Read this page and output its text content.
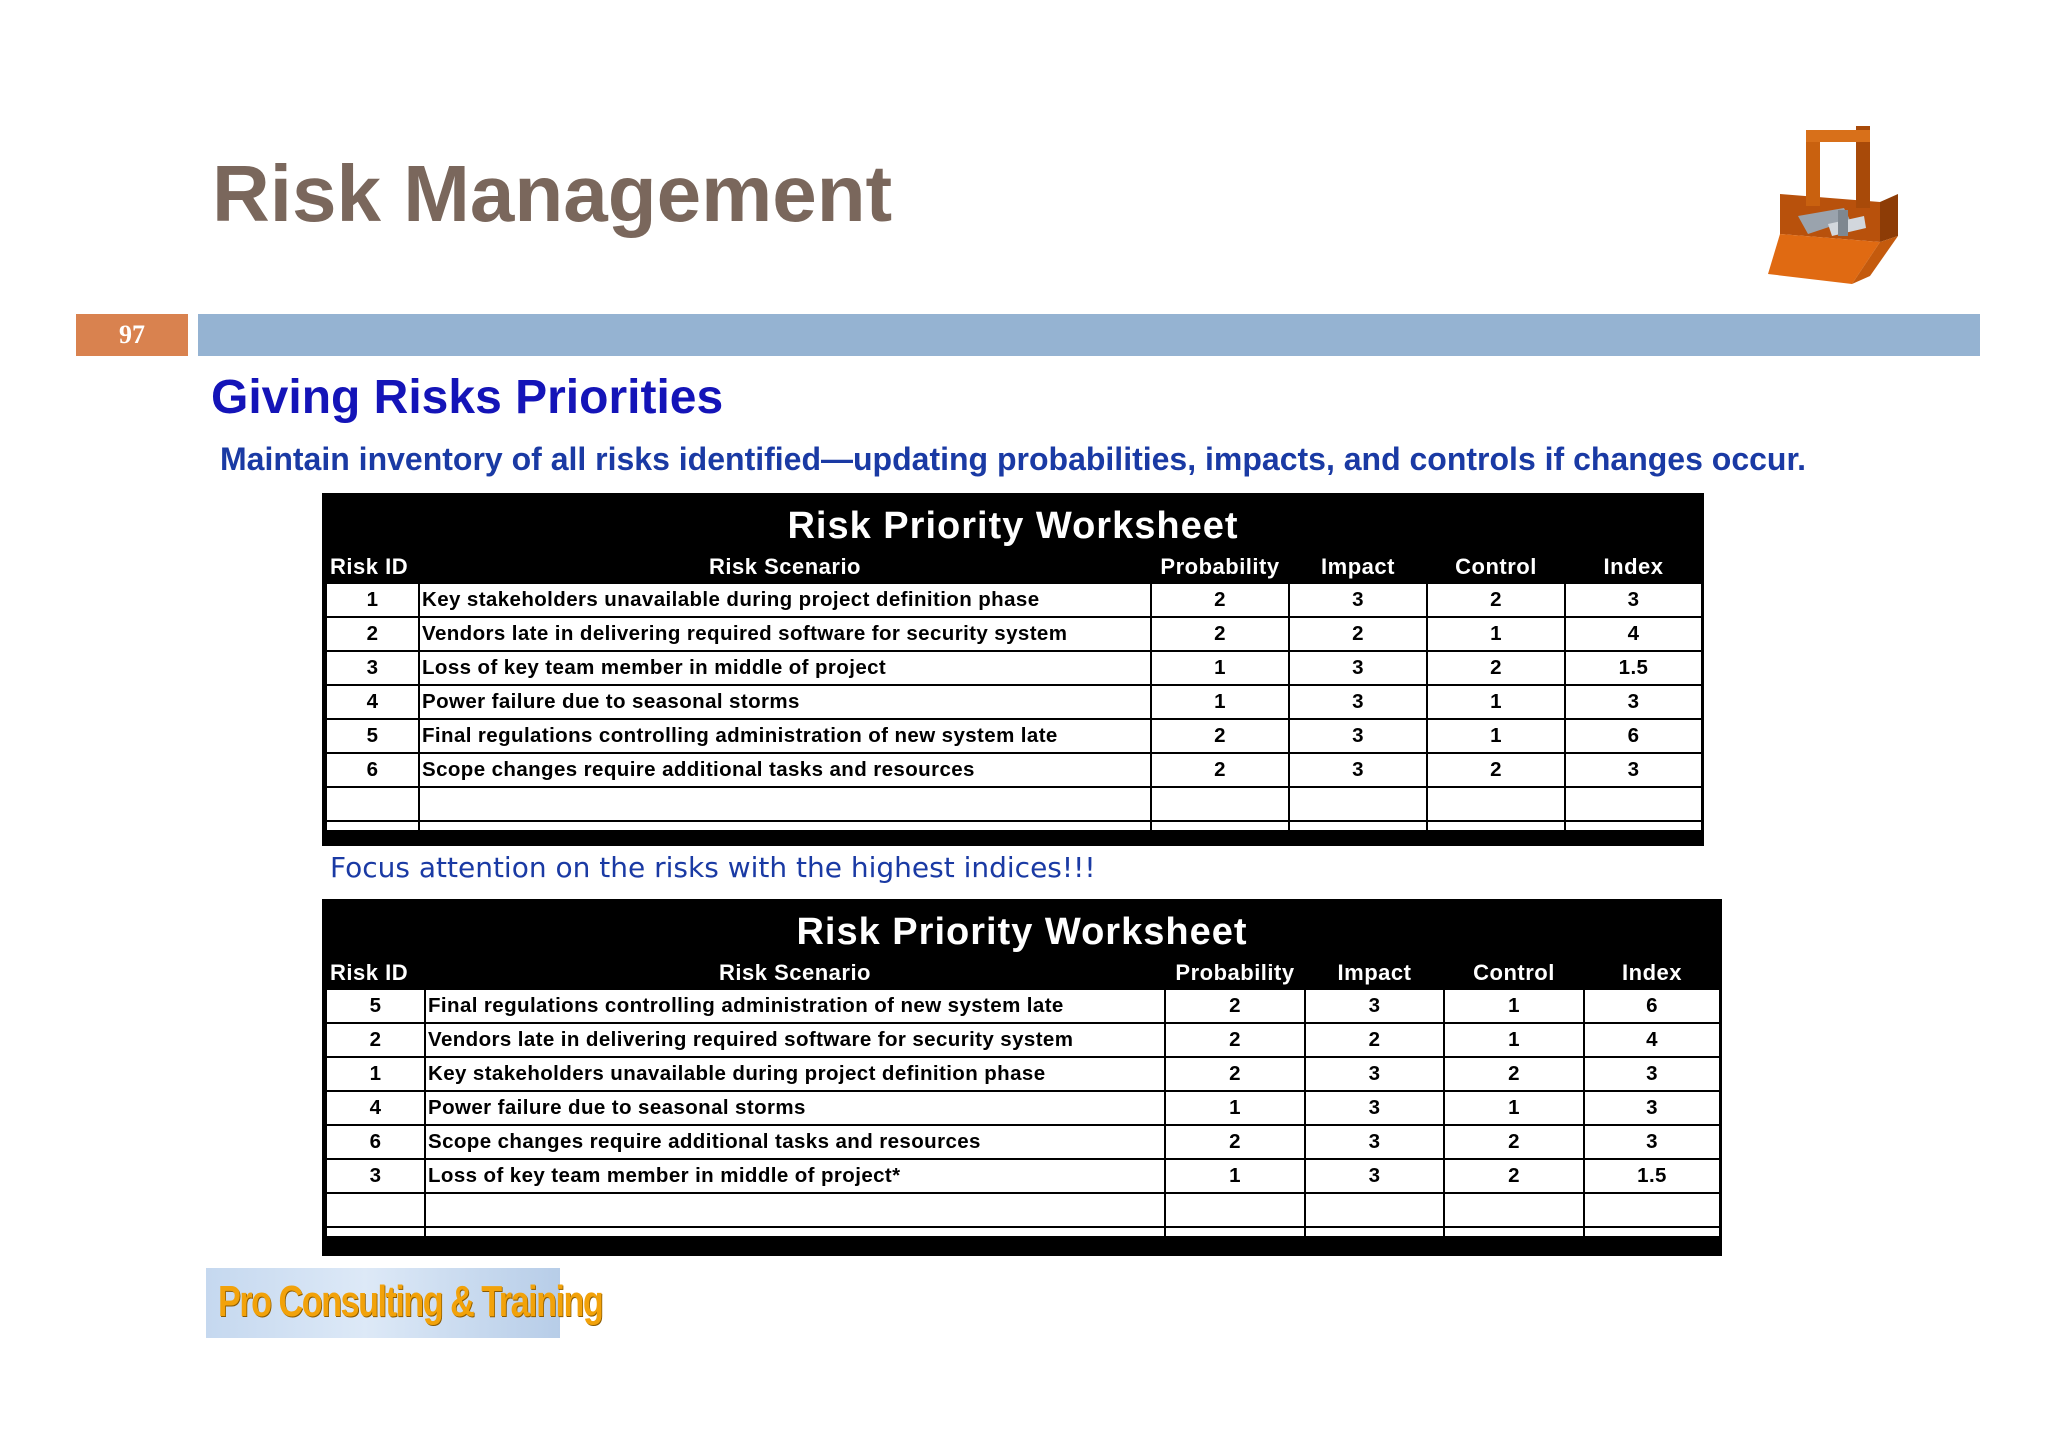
Risk Management
97
Giving Risks Priorities

Maintain inventory of all risks identified—updating probabilities, impacts, and controls if changes occur.

Risk Priority Worksheet
Risk ID	Risk Scenario	Probability	Impact	Control	Index
1	Key stakeholders unavailable during project definition phase	2	3	2	3
2	Vendors late in delivering required software for security system	2	2	1	4
3	Loss of key team member in middle of project	1	3	2	1.5
4	Power failure due to seasonal storms	1	3	1	3
5	Final regulations controlling administration of new system late	2	3	1	6
6	Scope changes require additional tasks and resources	2	3	2	3

Focus attention on the risks with the highest indices!!!

Risk Priority Worksheet
Risk ID	Risk Scenario	Probability	Impact	Control	Index
5	Final regulations controlling administration of new system late	2	3	1	6
2	Vendors late in delivering required software for security system	2	2	1	4
1	Key stakeholders unavailable during project definition phase	2	3	2	3
4	Power failure due to seasonal storms	1	3	1	3
6	Scope changes require additional tasks and resources	2	3	2	3
3	Loss of key team member in middle of project*	1	3	2	1.5

Pro Consulting & Training
